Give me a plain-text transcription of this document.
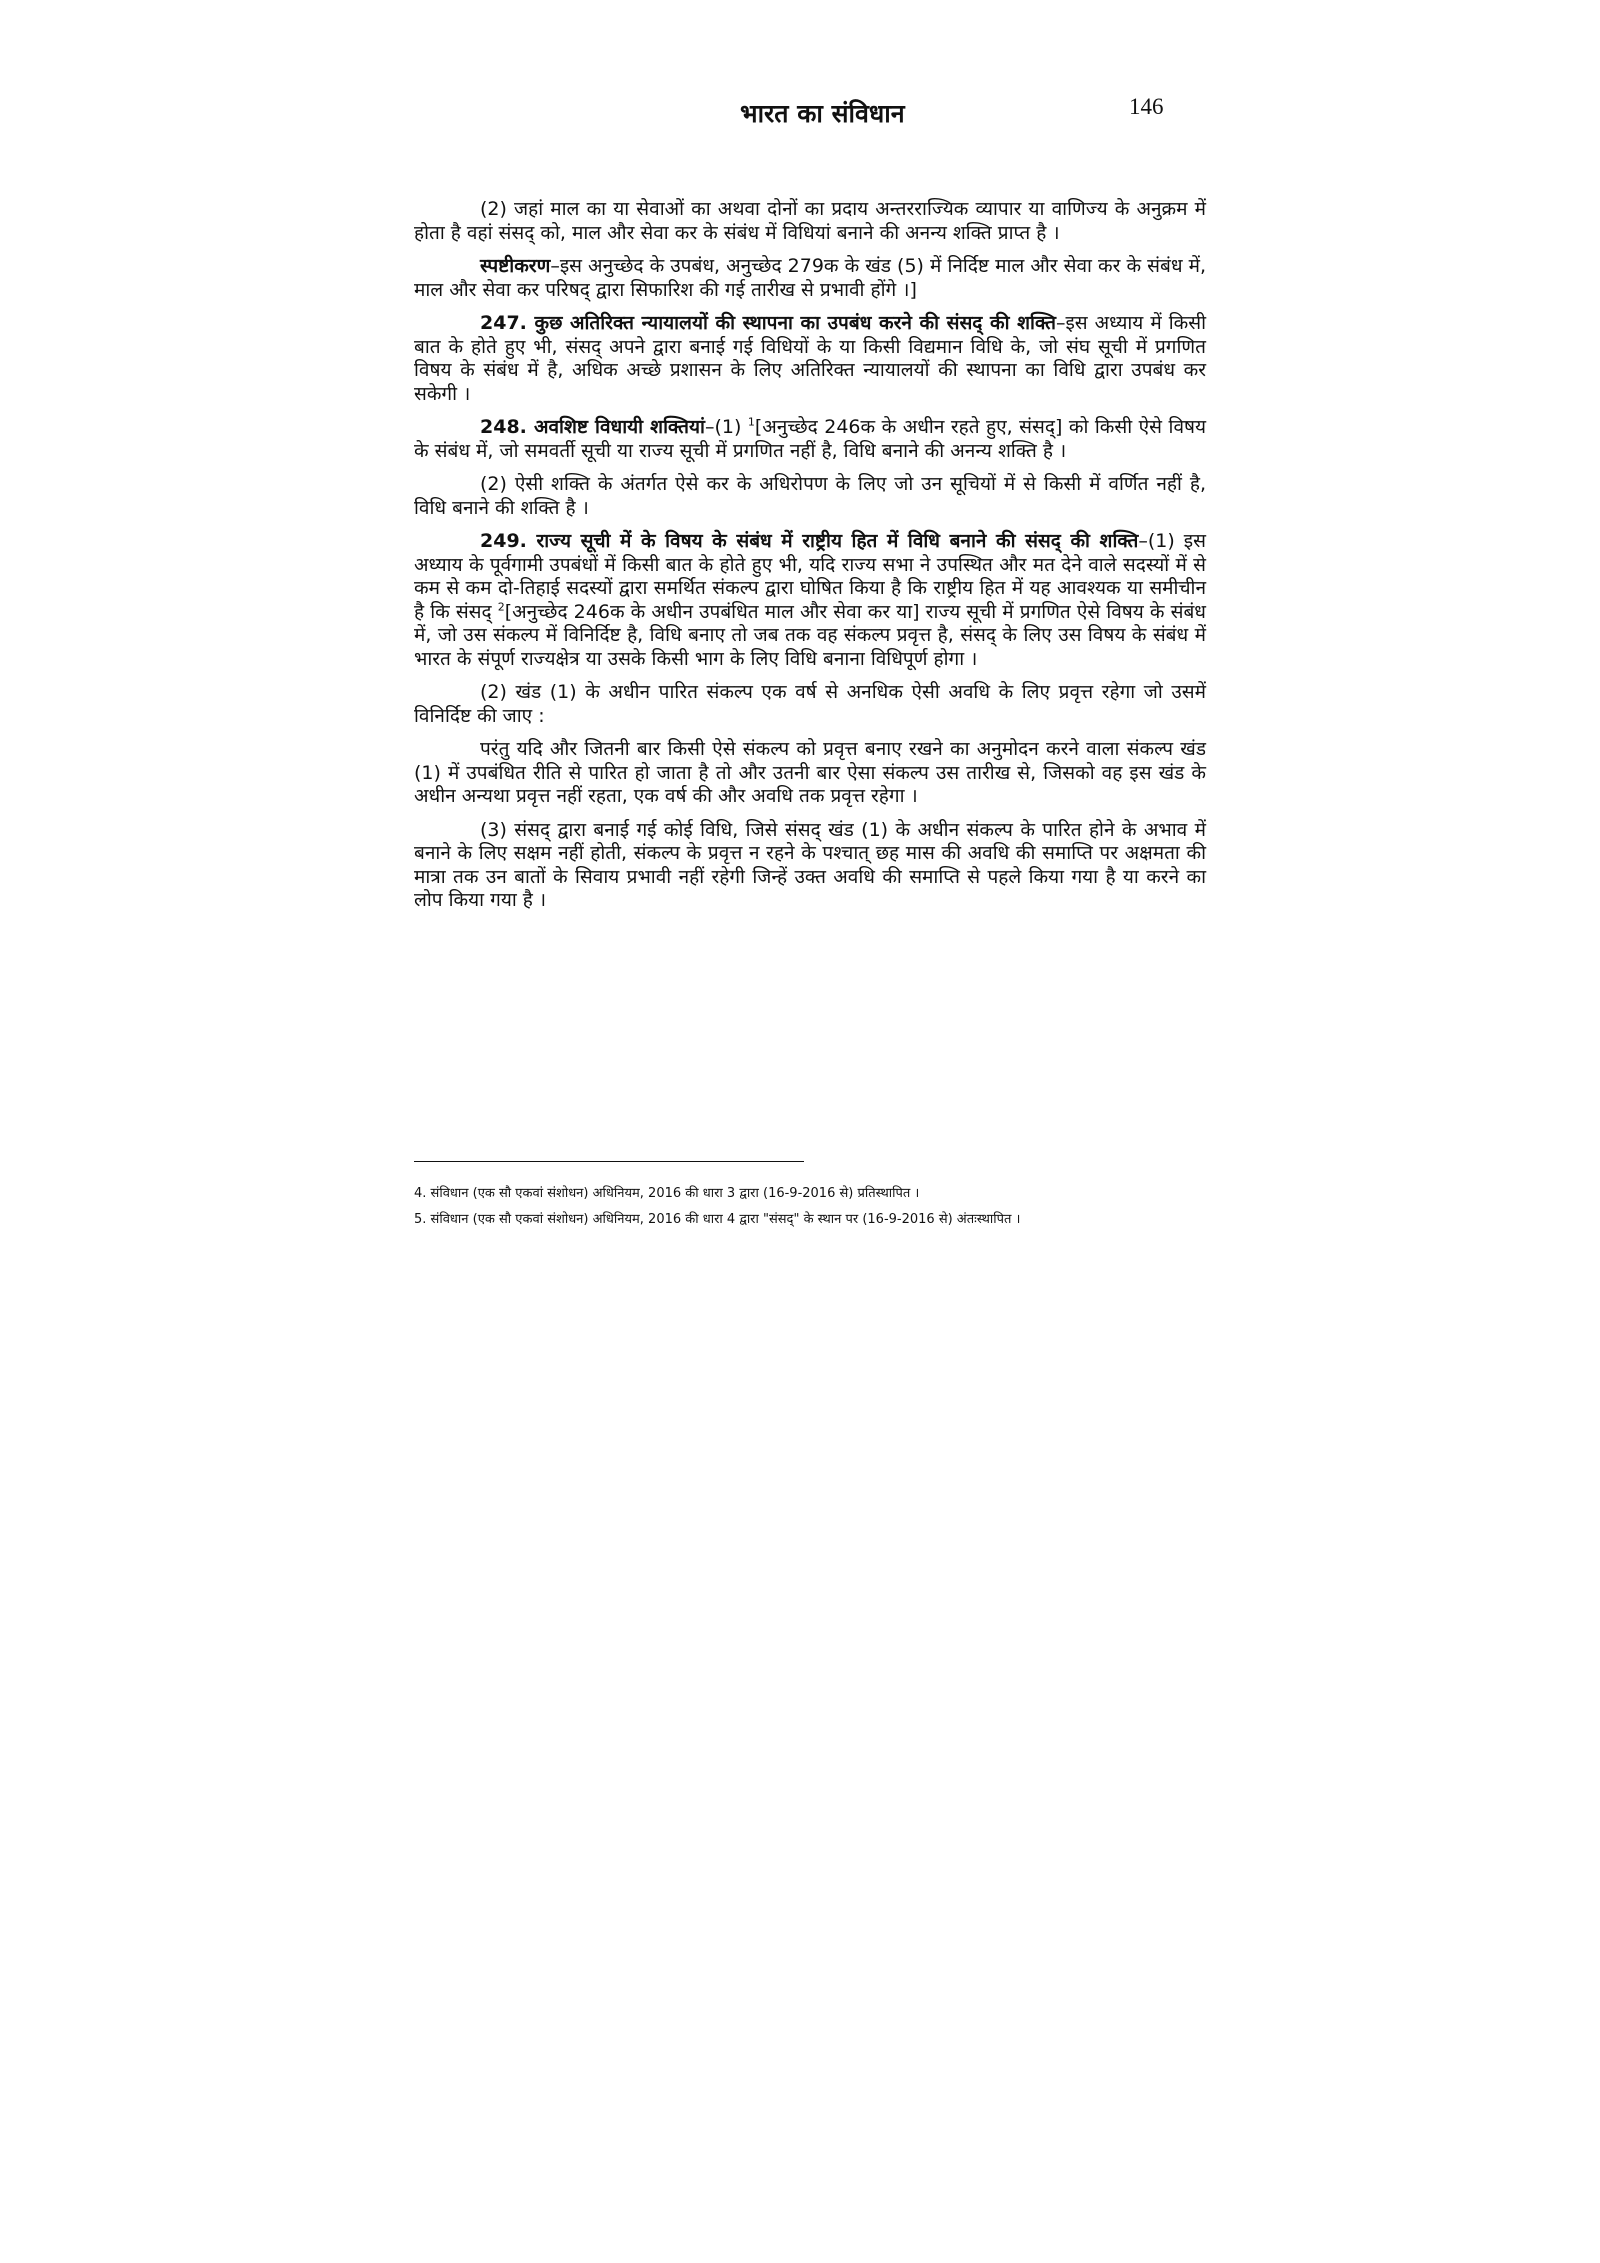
भारत का संविधान	146

(2) जहां माल का या सेवाओं का अथवा दोनों का प्रदाय अन्तरराज्यिक व्यापार या वाणिज्य के अनुक्रम में होता है वहां संसद् को, माल और सेवा कर के संबंध में विधियां बनाने की अनन्य शक्ति प्राप्त है ।

स्पष्टीकरण–इस अनुच्छेद के उपबंध, अनुच्छेद 279क के खंड (5) में निर्दिष्ट माल और सेवा कर के संबंध में, माल और सेवा कर परिषद् द्वारा सिफारिश की गई तारीख से प्रभावी होंगे ।]

247. कुछ अतिरिक्त न्यायालयों की स्थापना का उपबंध करने की संसद् की शक्ति–इस अध्याय में किसी बात के होते हुए भी, संसद् अपने द्वारा बनाई गई विधियों के या किसी विद्यमान विधि के, जो संघ सूची में प्रगणित विषय के संबंध में है, अधिक अच्छे प्रशासन के लिए अतिरिक्त न्यायालयों की स्थापना का विधि द्वारा उपबंध कर सकेगी ।

248. अवशिष्ट विधायी शक्तियां–(1) $^1$[अनुच्छेद 246क के अधीन रहते हुए, संसद्] को किसी ऐसे विषय के संबंध में, जो समवर्ती सूची या राज्य सूची में प्रगणित नहीं है, विधि बनाने की अनन्य शक्ति है ।

(2) ऐसी शक्ति के अंतर्गत ऐसे कर के अधिरोपण के लिए जो उन सूचियों में से किसी में वर्णित नहीं है, विधि बनाने की शक्ति है ।

249. राज्य सूची में के विषय के संबंध में राष्ट्रीय हित में विधि बनाने की संसद् की शक्ति–(1) इस अध्याय के पूर्वगामी उपबंधों में किसी बात के होते हुए भी, यदि राज्य सभा ने उपस्थित और मत देने वाले सदस्यों में से कम से कम दो-तिहाई सदस्यों द्वारा समर्थित संकल्प द्वारा घोषित किया है कि राष्ट्रीय हित में यह आवश्यक या समीचीन है कि संसद् $^2$[अनुच्छेद 246क के अधीन उपबंधित माल और सेवा कर या] राज्य सूची में प्रगणित ऐसे विषय के संबंध में, जो उस संकल्प में विनिर्दिष्ट है, विधि बनाए तो जब तक वह संकल्प प्रवृत्त है, संसद् के लिए उस विषय के संबंध में भारत के संपूर्ण राज्यक्षेत्र या उसके किसी भाग के लिए विधि बनाना विधिपूर्ण होगा ।

(2) खंड (1) के अधीन पारित संकल्प एक वर्ष से अनधिक ऐसी अवधि के लिए प्रवृत्त रहेगा जो उसमें विनिर्दिष्ट की जाए :

परंतु यदि और जितनी बार किसी ऐसे संकल्प को प्रवृत्त बनाए रखने का अनुमोदन करने वाला संकल्प खंड (1) में उपबंधित रीति से पारित हो जाता है तो और उतनी बार ऐसा संकल्प उस तारीख से, जिसको वह इस खंड के अधीन अन्यथा प्रवृत्त नहीं रहता, एक वर्ष की और अवधि तक प्रवृत्त रहेगा ।

(3) संसद् द्वारा बनाई गई कोई विधि, जिसे संसद् खंड (1) के अधीन संकल्प के पारित होने के अभाव में बनाने के लिए सक्षम नहीं होती, संकल्प के प्रवृत्त न रहने के पश्चात् छह मास की अवधि की समाप्ति पर अक्षमता की मात्रा तक उन बातों के सिवाय प्रभावी नहीं रहेगी जिन्हें उक्त अवधि की समाप्ति से पहले किया गया है या करने का लोप किया गया है ।

4. संविधान (एक सौ एकवां संशोधन) अधिनियम, 2016 की धारा 3 द्वारा (16-9-2016 से) प्रतिस्थापित ।

5. संविधान (एक सौ एकवां संशोधन) अधिनियम, 2016 की धारा 4 द्वारा "संसद्" के स्थान पर (16-9-2016 से) अंतःस्थापित ।
